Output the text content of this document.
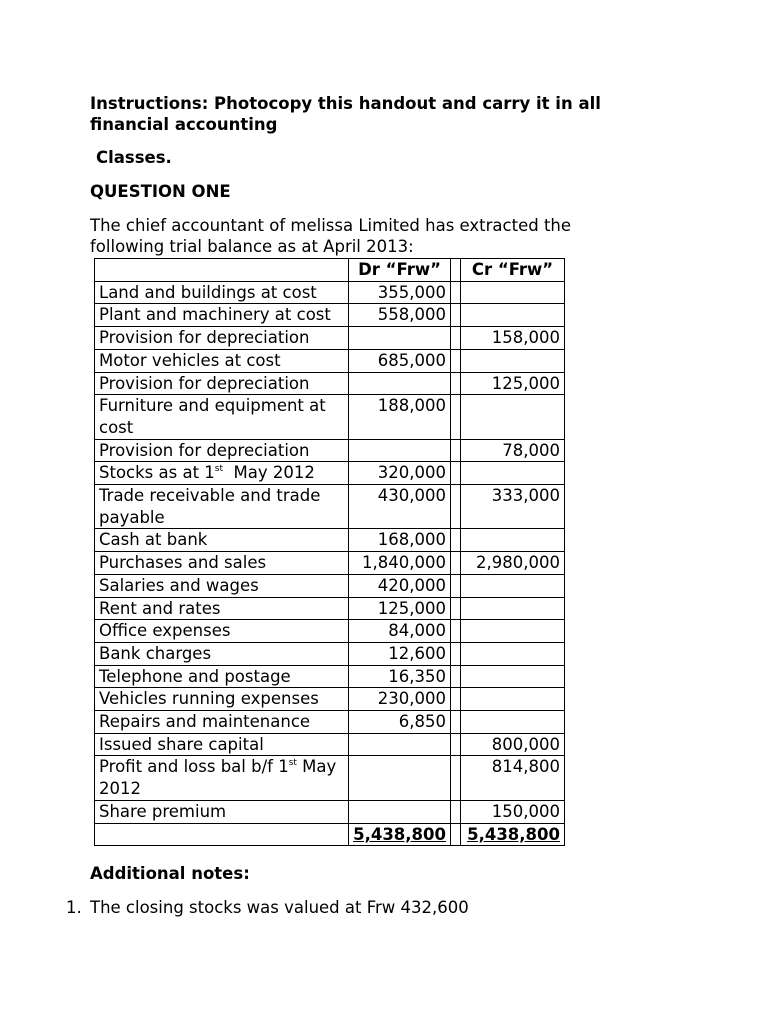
Instructions: Photocopy this handout and carry it in all
financial accounting
Classes.
QUESTION ONE
The chief accountant of melissa Limited has extracted the
following trial balance as at April 2013:
	Dr “Frw”		Cr “Frw”
Land and buildings at cost	355,000		
Plant and machinery at cost	558,000		
Provision for depreciation			158,000
Motor vehicles at cost	685,000		
Provision for depreciation			125,000
Furniture and equipment at cost	188,000		
Provision for depreciation			78,000
Stocks as at 1st  May 2012	320,000		
Trade receivable and trade payable	430,000		333,000
Cash at bank	168,000		
Purchases and sales	1,840,000		2,980,000
Salaries and wages	420,000		
Rent and rates	125,000		
Office expenses	84,000		
Bank charges	12,600		
Telephone and postage	16,350		
Vehicles running expenses	230,000		
Repairs and maintenance	6,850		
Issued share capital			800,000
Profit and loss bal b/f 1st May 2012			814,800
Share premium			150,000
	5,438,800		5,438,800
Additional notes:
1. The closing stocks was valued at Frw 432,600
